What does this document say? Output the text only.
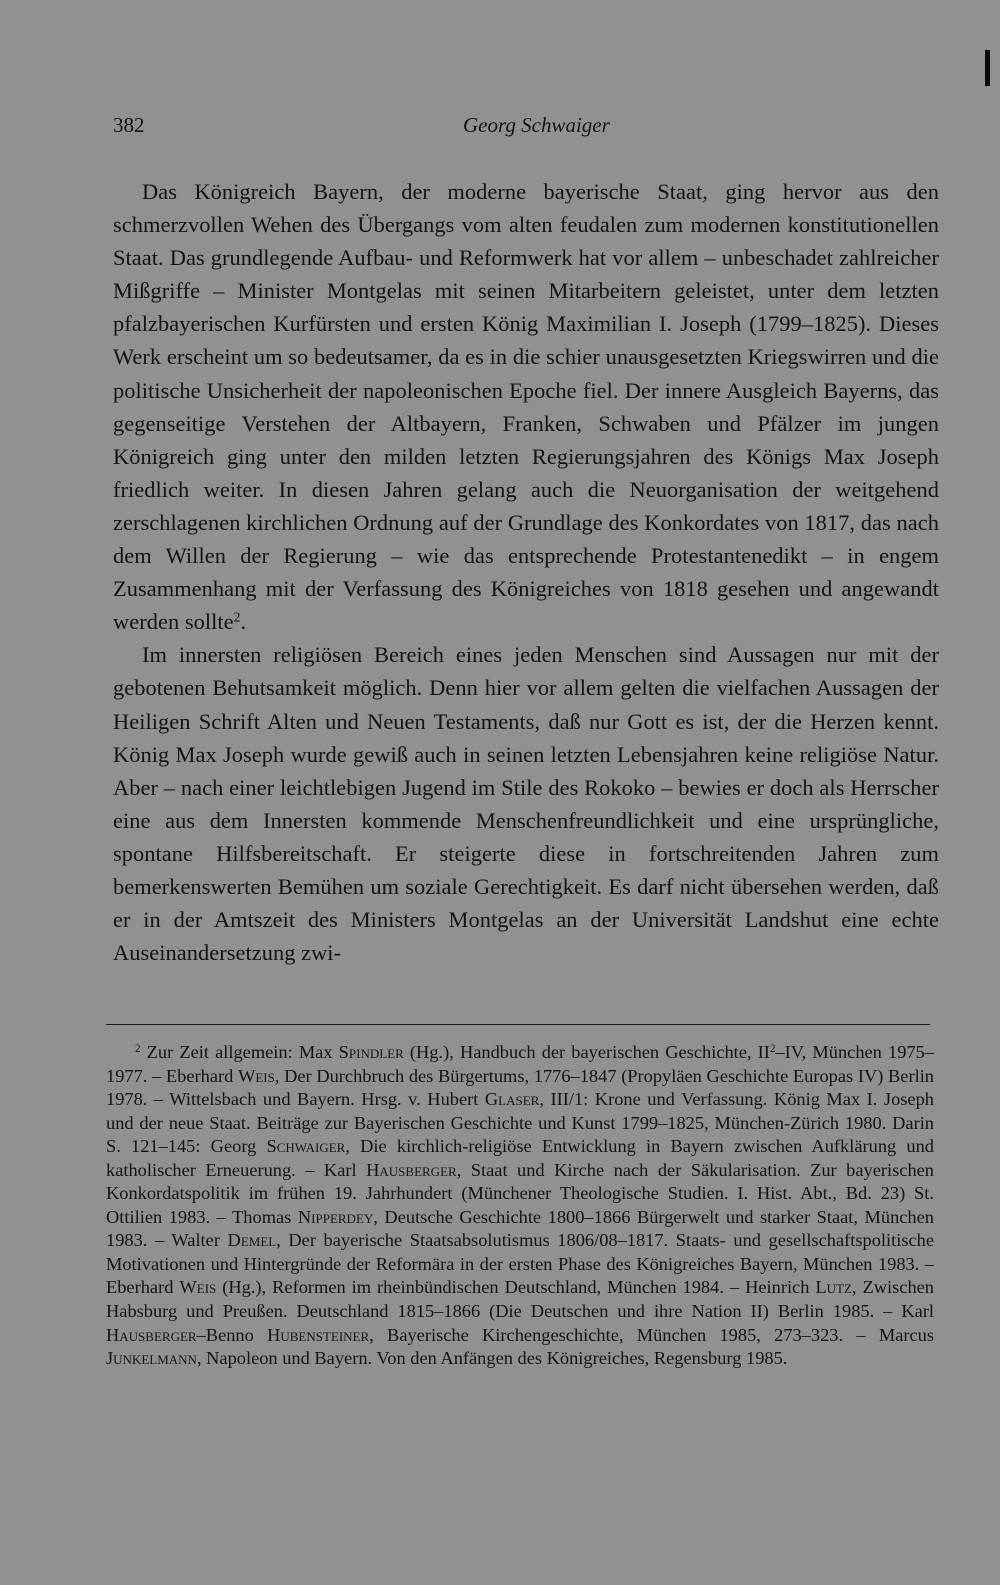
382	Georg Schwaiger

Das Königreich Bayern, der moderne bayerische Staat, ging hervor aus den schmerzvollen Wehen des Übergangs vom alten feudalen zum modernen konstitutionellen Staat. Das grundlegende Aufbau- und Reformwerk hat vor allem – unbeschadet zahlreicher Mißgriffe – Minister Montgelas mit seinen Mitarbeitern geleistet, unter dem letzten pfalzbayerischen Kurfürsten und ersten König Maximilian I. Joseph (1799–1825). Dieses Werk erscheint um so bedeutsamer, da es in die schier unausgesetzten Kriegswirren und die politische Unsicherheit der napoleonischen Epoche fiel. Der innere Ausgleich Bayerns, das gegenseitige Verstehen der Altbayern, Franken, Schwaben und Pfälzer im jungen Königreich ging unter den milden letzten Regierungsjahren des Königs Max Joseph friedlich weiter. In diesen Jahren gelang auch die Neuorganisation der weitgehend zerschlagenen kirchlichen Ordnung auf der Grundlage des Konkordates von 1817, das nach dem Willen der Regierung – wie das entsprechende Protestantenedikt – in engem Zusammenhang mit der Verfassung des Königreiches von 1818 gesehen und angewandt werden sollte$^2$.

Im innersten religiösen Bereich eines jeden Menschen sind Aussagen nur mit der gebotenen Behutsamkeit möglich. Denn hier vor allem gelten die vielfachen Aussagen der Heiligen Schrift Alten und Neuen Testaments, daß nur Gott es ist, der die Herzen kennt. König Max Joseph wurde gewiß auch in seinen letzten Lebensjahren keine religiöse Natur. Aber – nach einer leichtlebigen Jugend im Stile des Rokoko – bewies er doch als Herrscher eine aus dem Innersten kommende Menschenfreundlichkeit und eine ursprüngliche, spontane Hilfsbereitschaft. Er steigerte diese in fortschreitenden Jahren zum bemerkenswerten Bemühen um soziale Gerechtigkeit. Es darf nicht übersehen werden, daß er in der Amtszeit des Ministers Montgelas an der Universität Landshut eine echte Auseinandersetzung zwi-

$^2$ Zur Zeit allgemein: Max Spindler (Hg.), Handbuch der bayerischen Geschichte, $II^2-IV$, München 1975–1977. – Eberhard Weis, Der Durchbruch des Bürgertums, 1776–1847 (Propyläen Geschichte Europas IV) Berlin 1978. – Wittelsbach und Bayern. Hrsg. v. Hubert Glaser, III/1: Krone und Verfassung. König Max I. Joseph und der neue Staat. Beiträge zur Bayerischen Geschichte und Kunst 1799–1825, München-Zürich 1980. Darin S. 121–145: Georg Schwaiger, Die kirchlich-religiöse Entwicklung in Bayern zwischen Aufklärung und katholischer Erneuerung. – Karl Hausberger, Staat und Kirche nach der Säkularisation. Zur bayerischen Konkordatspolitik im frühen 19. Jahrhundert (Münchener Theologische Studien. I. Hist. Abt., Bd. 23) St. Ottilien 1983. – Thomas Nipperdey, Deutsche Geschichte 1800–1866 Bürgerwelt und starker Staat, München 1983. – Walter Demel, Der bayerische Staatsabsolutismus 1806/08–1817. Staats- und gesellschaftspolitische Motivationen und Hintergründe der Reformära in der ersten Phase des Königreiches Bayern, München 1983. – Eberhard Weis (Hg.), Reformen im rheinbündischen Deutschland, München 1984. – Heinrich Lutz, Zwischen Habsburg und Preußen. Deutschland 1815–1866 (Die Deutschen und ihre Nation II) Berlin 1985. – Karl Hausberger–Benno Hubensteiner, Bayerische Kirchengeschichte, München 1985, 273–323. – Marcus Junkelmann, Napoleon und Bayern. Von den Anfängen des Königreiches, Regensburg 1985.
